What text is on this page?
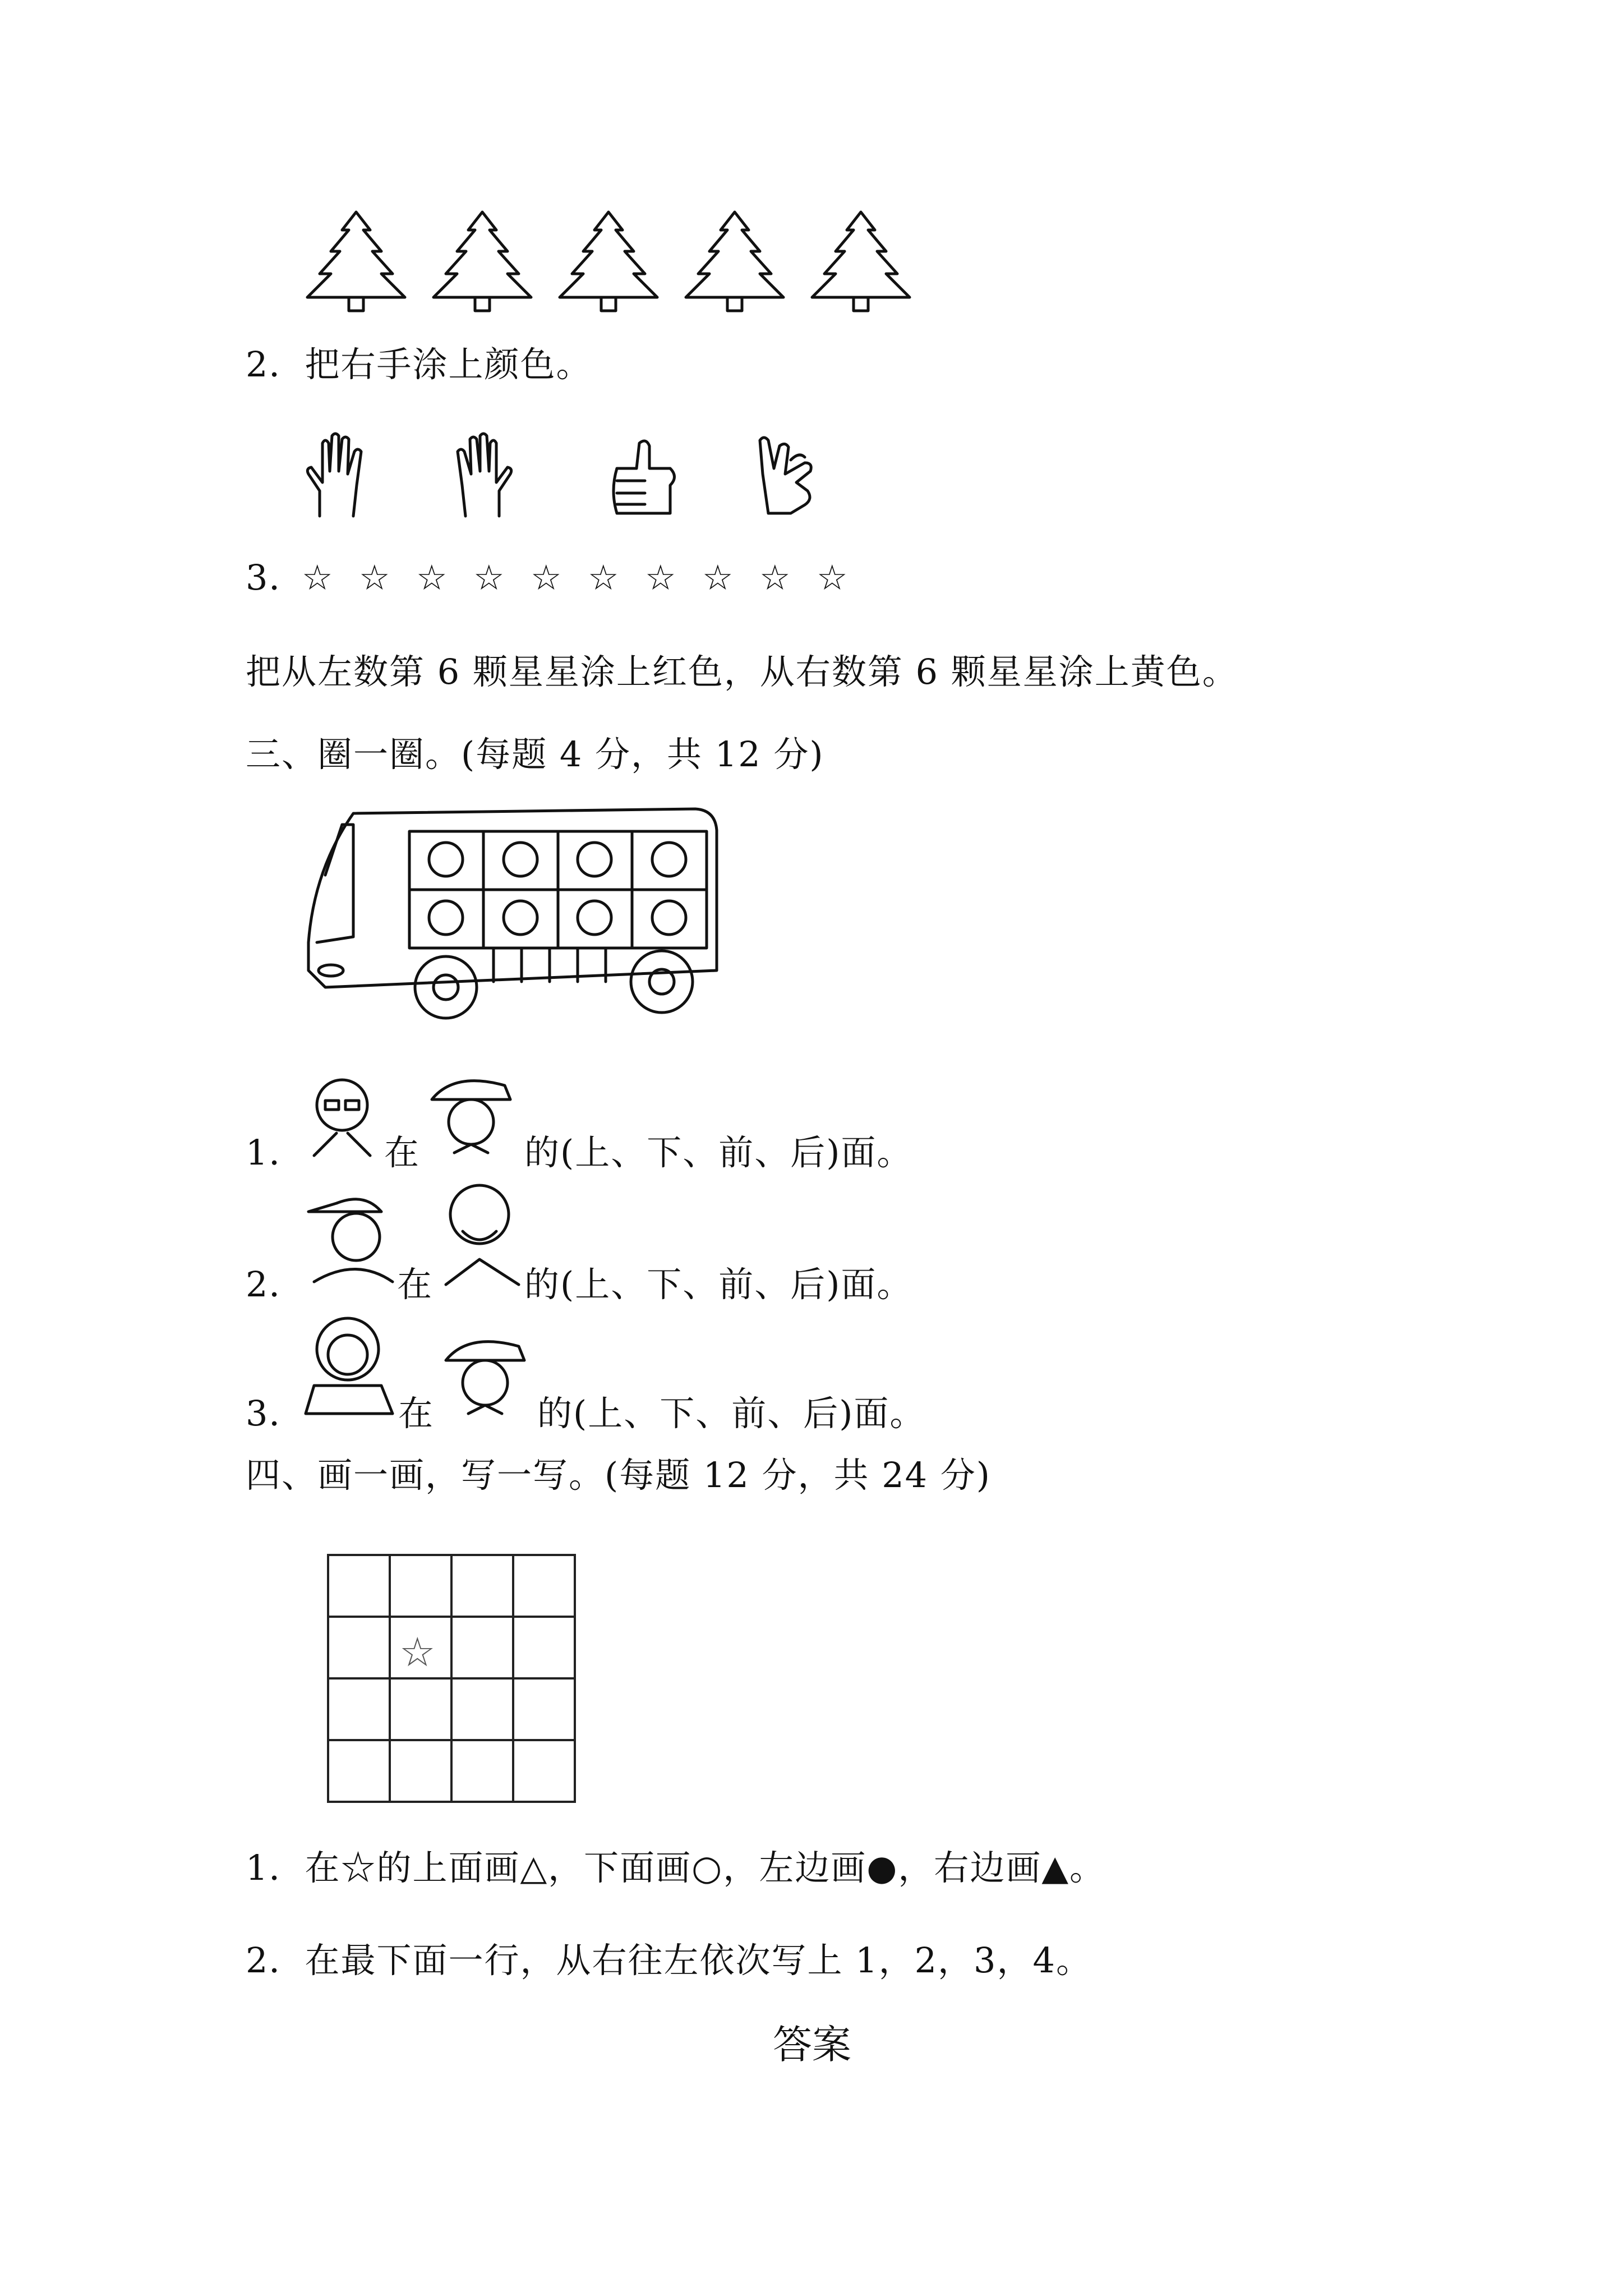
2．把右手涂上颜色。
3．☆ ☆ ☆ ☆ ☆ ☆ ☆ ☆ ☆ ☆
把从左数第 6 颗星星涂上红色，从右数第 6 颗星星涂上黄色。
三、圈一圈。(每题 4 分，共 12 分)
1． 在	的(上、下、前、后)面。
2．	在	的(上、下、前、后)面。
3．	在	的(上、下、前、后)面。
四、画一画，写一写。(每题 12 分，共 24 分)
☆
1．在☆的上面画△，下面画○，左边画●，右边画▲。
2．在最下面一行，从右往左依次写上 1，2，3，4。
答案
